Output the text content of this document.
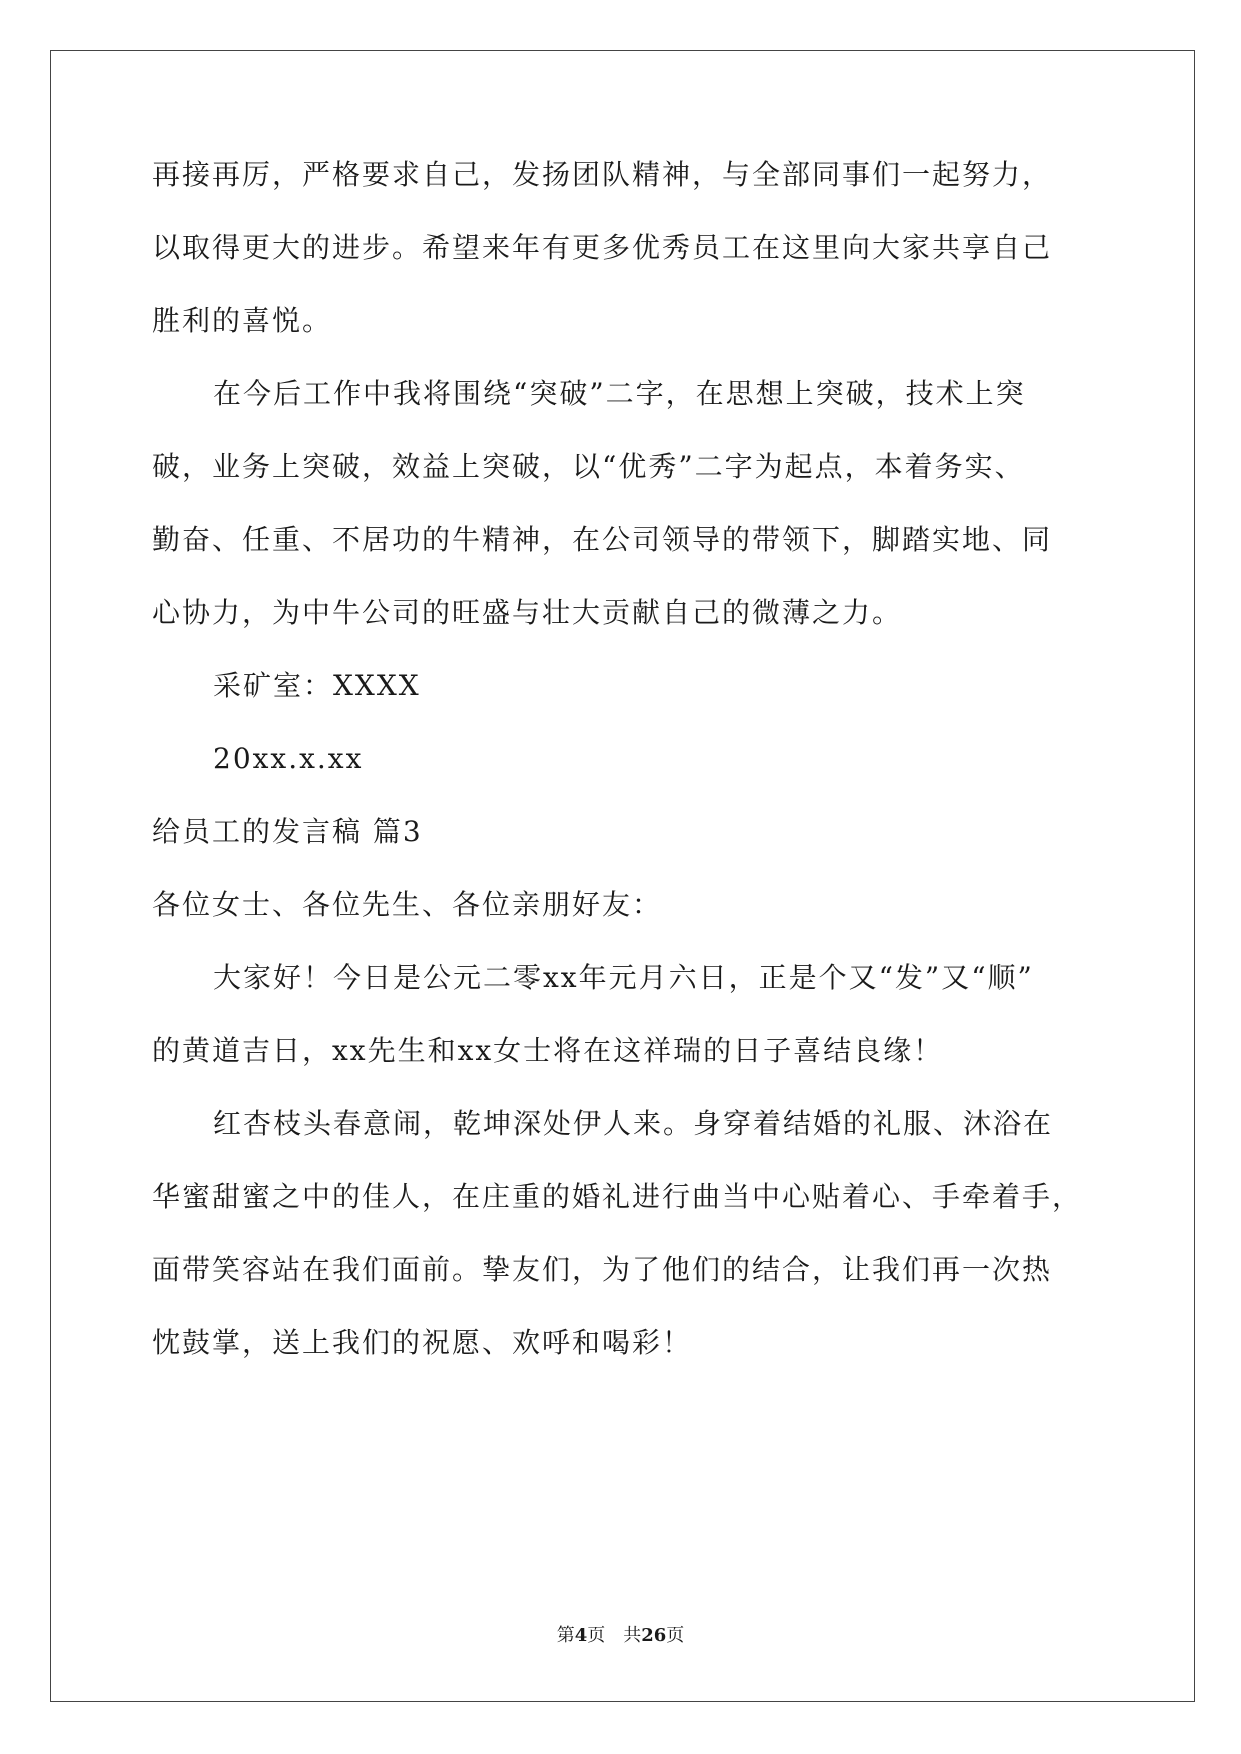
再接再厉，严格要求自己，发扬团队精神，与全部同事们一起努力，
以取得更大的进步。希望来年有更多优秀员工在这里向大家共享自己
胜利的喜悦。
在今后工作中我将围绕“突破”二字，在思想上突破，技术上突
破，业务上突破，效益上突破，以“优秀”二字为起点，本着务实、
勤奋、任重、不居功的牛精神，在公司领导的带领下，脚踏实地、同
心协力，为中牛公司的旺盛与壮大贡献自己的微薄之力。
采矿室：XXXX
20xx.x.xx
给员工的发言稿 篇3
各位女士、各位先生、各位亲朋好友：
大家好！今日是公元二零xx年元月六日，正是个又“发”又“顺”
的黄道吉日，xx先生和xx女士将在这祥瑞的日子喜结良缘！
红杏枝头春意闹，乾坤深处伊人来。身穿着结婚的礼服、沐浴在
华蜜甜蜜之中的佳人，在庄重的婚礼进行曲当中心贴着心、手牵着手，
面带笑容站在我们面前。挚友们，为了他们的结合，让我们再一次热
忱鼓掌，送上我们的祝愿、欢呼和喝彩！
第4页　共26页
